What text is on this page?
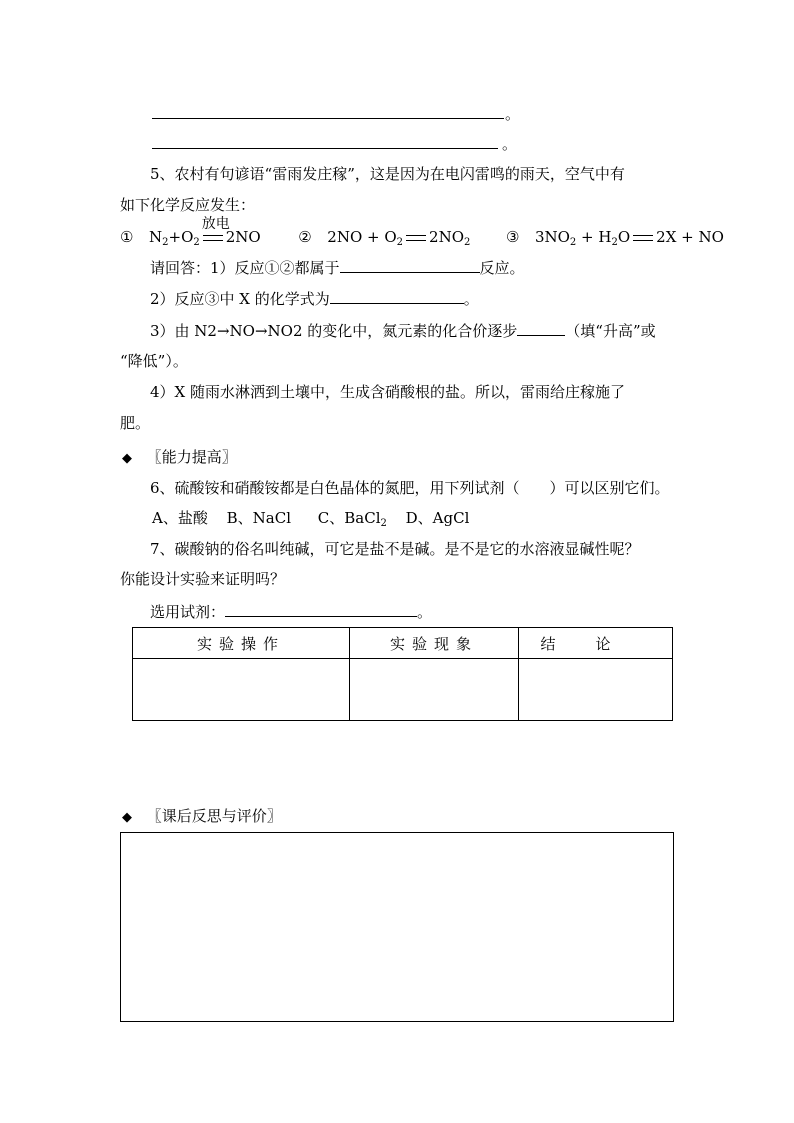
。
。
5、农村有句谚语“雷雨发庄稼”，这是因为在电闪雷鸣的雨天，空气中有
如下化学反应发生：
① $N_2+O_2$
放电
2NO	② $2NO + O_2$ $2NO_2$ ③ $3NO_2 + H_2O$ 2X + NO
请回答：1）反应①②都属于	反应。
2）反应③中 X 的化学式为	。
3）由 N2→NO→NO2 的变化中，氮元素的化合价逐步	（填“升高”或
“降低”）。
4）X 随雨水淋洒到土壤中，生成含硝酸根的盐。所以，雷雨给庄稼施了
肥。
◆ 〖能力提高〗
6、硫酸铵和硝酸铵都是白色晶体的氮肥，用下列试剂（　　）可以区别它们。
A、盐酸 B、NaCl C、BaCl$_2$ D、AgCl
7、碳酸钠的俗名叫纯碱，可它是盐不是碱。是不是它的水溶液显碱性呢？
你能设计实验来证明吗？
选用试剂：	。
实验操作	实验现象	结论

◆ 〖课后反思与评价〗
